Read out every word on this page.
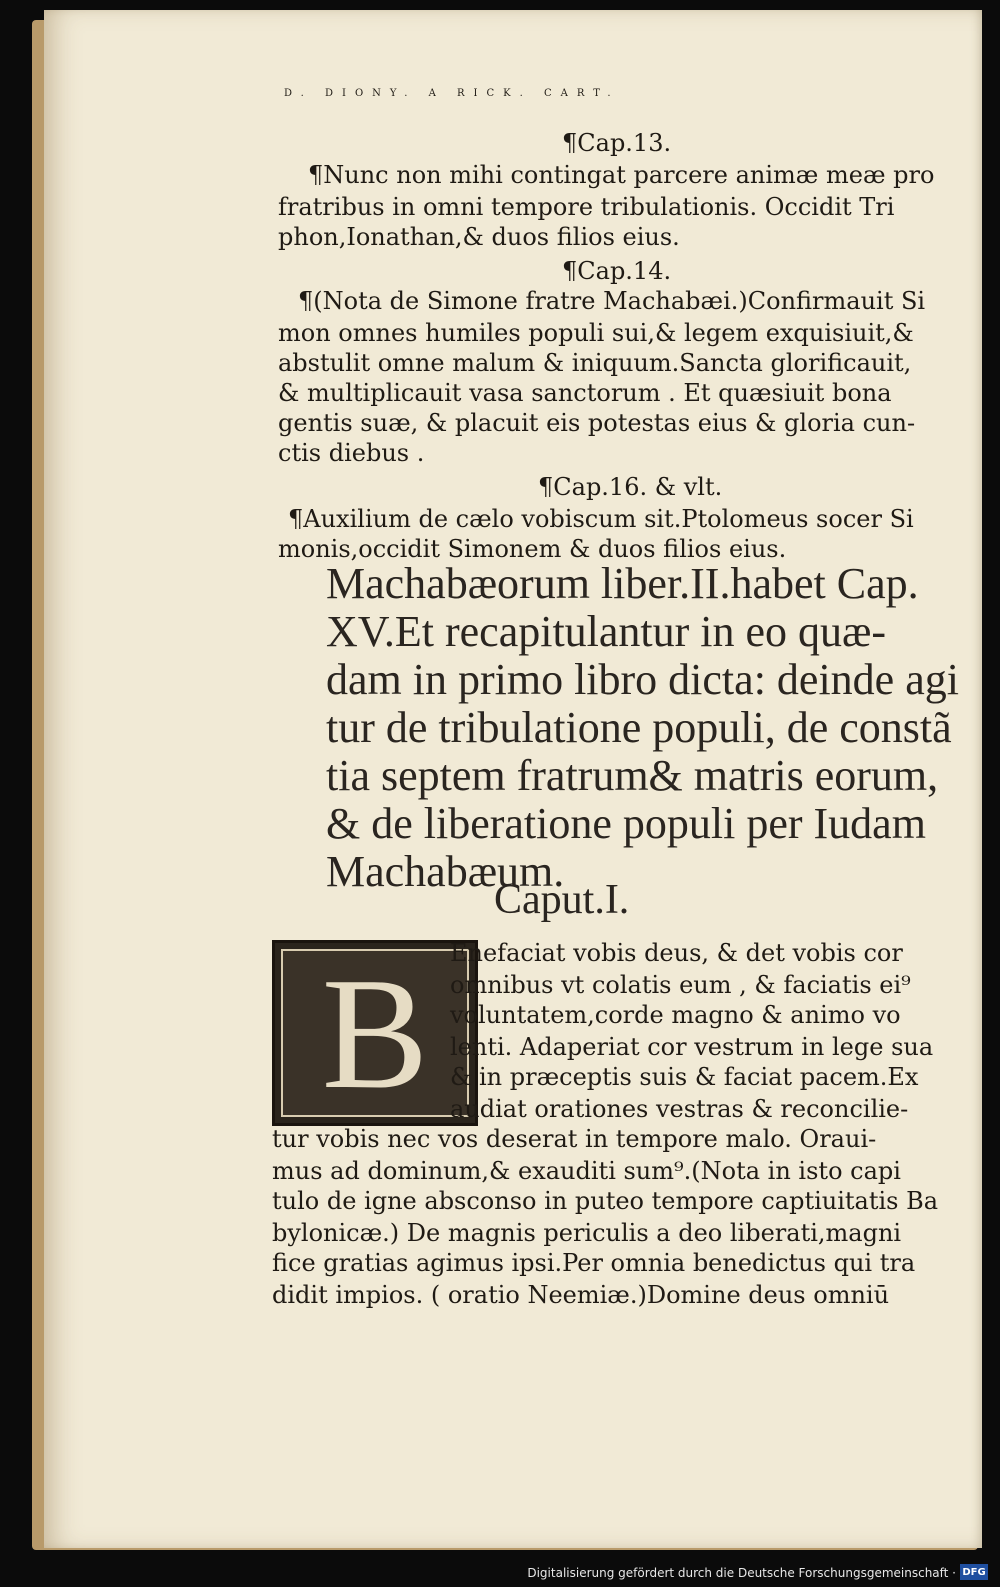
D. DIONY. A RICK. CART.
¶Cap.13.
¶Nunc non mihi contingat parcere animæ meæ pro
fratribus in omni tempore tribulationis. Occidit Tri
phon,Ionathan,& duos filios eius.
¶Cap.14.
¶(Nota de Simone fratre Machabæi.)Confirmauit Si
mon omnes humiles populi sui,& legem exquisiuit,&
abstulit omne malum & iniquum.Sancta glorificauit,
& multiplicauit vasa sanctorum . Et quæsiuit bona
gentis suæ, & placuit eis potestas eius & gloria cun-
ctis diebus .
¶Cap.16. & vlt.
¶Auxilium de cælo vobiscum sit.Ptolomeus socer Si
monis,occidit Simonem & duos filios eius.
Machabæorum liber.II.habet Cap.
XV.Et recapitulantur in eo quæ-
dam in primo libro dicta: deinde agi
tur de tribulatione populi, de constã
tia septem fratrum& matris eorum,
& de liberatione populi per Iudam
Machabæum.
Caput.I.
B Enefaciat vobis deus, & det vobis cor
omnibus vt colatis eum , & faciatis ei⁹
voluntatem,corde magno & animo vo
lenti. Adaperiat cor vestrum in lege sua
& in præceptis suis & faciat pacem.Ex
audiat orationes vestras & reconcilie-
tur vobis nec vos deserat in tempore malo. Oraui-
mus ad dominum,& exauditi sum⁹.(Nota in isto capi
tulo de igne absconso in puteo tempore captiuitatis Ba
bylonicæ.) De magnis periculis a deo liberati,magni
fice gratias agimus ipsi.Per omnia benedictus qui tra
didit impios. ( oratio Neemiæ.)Domine deus omniū
Digitalisierung gefördert durch die Deutsche Forschungsgemeinschaft · DFG
